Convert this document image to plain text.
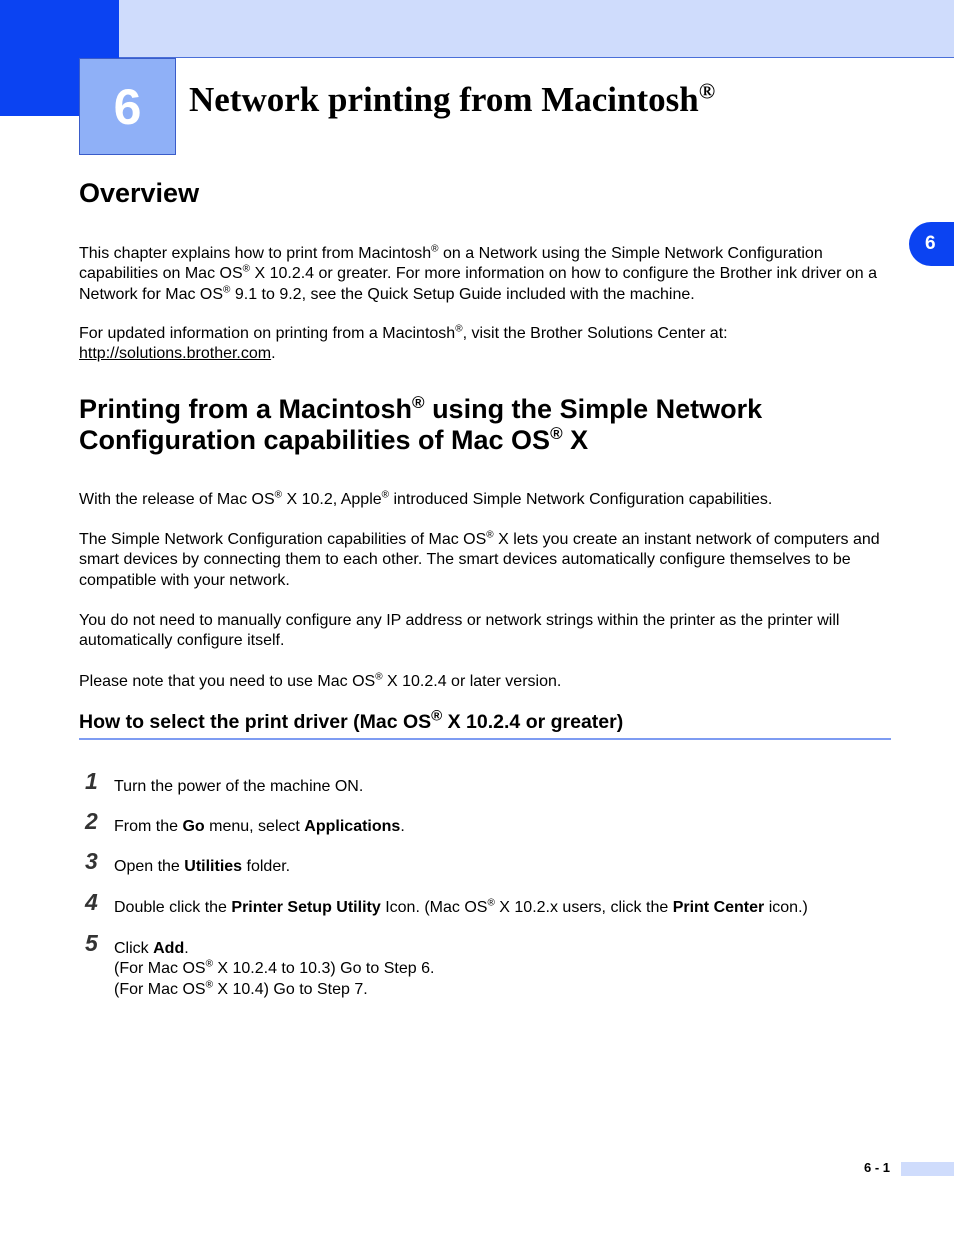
6 Network printing from Macintosh®
6
Overview

This chapter explains how to print from Macintosh® on a Network using the Simple Network Configuration capabilities on Mac OS® X 10.2.4 or greater. For more information on how to configure the Brother ink driver on a Network for Mac OS® 9.1 to 9.2, see the Quick Setup Guide included with the machine.

For updated information on printing from a Macintosh®, visit the Brother Solutions Center at: http://solutions.brother.com.

Printing from a Macintosh® using the Simple Network Configuration capabilities of Mac OS® X

With the release of Mac OS® X 10.2, Apple® introduced Simple Network Configuration capabilities.

The Simple Network Configuration capabilities of Mac OS® X lets you create an instant network of computers and smart devices by connecting them to each other. The smart devices automatically configure themselves to be compatible with your network.

You do not need to manually configure any IP address or network strings within the printer as the printer will automatically configure itself.

Please note that you need to use Mac OS® X 10.2.4 or later version.

How to select the print driver (Mac OS® X 10.2.4 or greater)
1 Turn the power of the machine ON.
2 From the Go menu, select Applications.
3 Open the Utilities folder.
4 Double click the Printer Setup Utility Icon. (Mac OS® X 10.2.x users, click the Print Center icon.)
5 Click Add.
(For Mac OS® X 10.2.4 to 10.3) Go to Step 6.
(For Mac OS® X 10.4) Go to Step 7.
6 - 1
